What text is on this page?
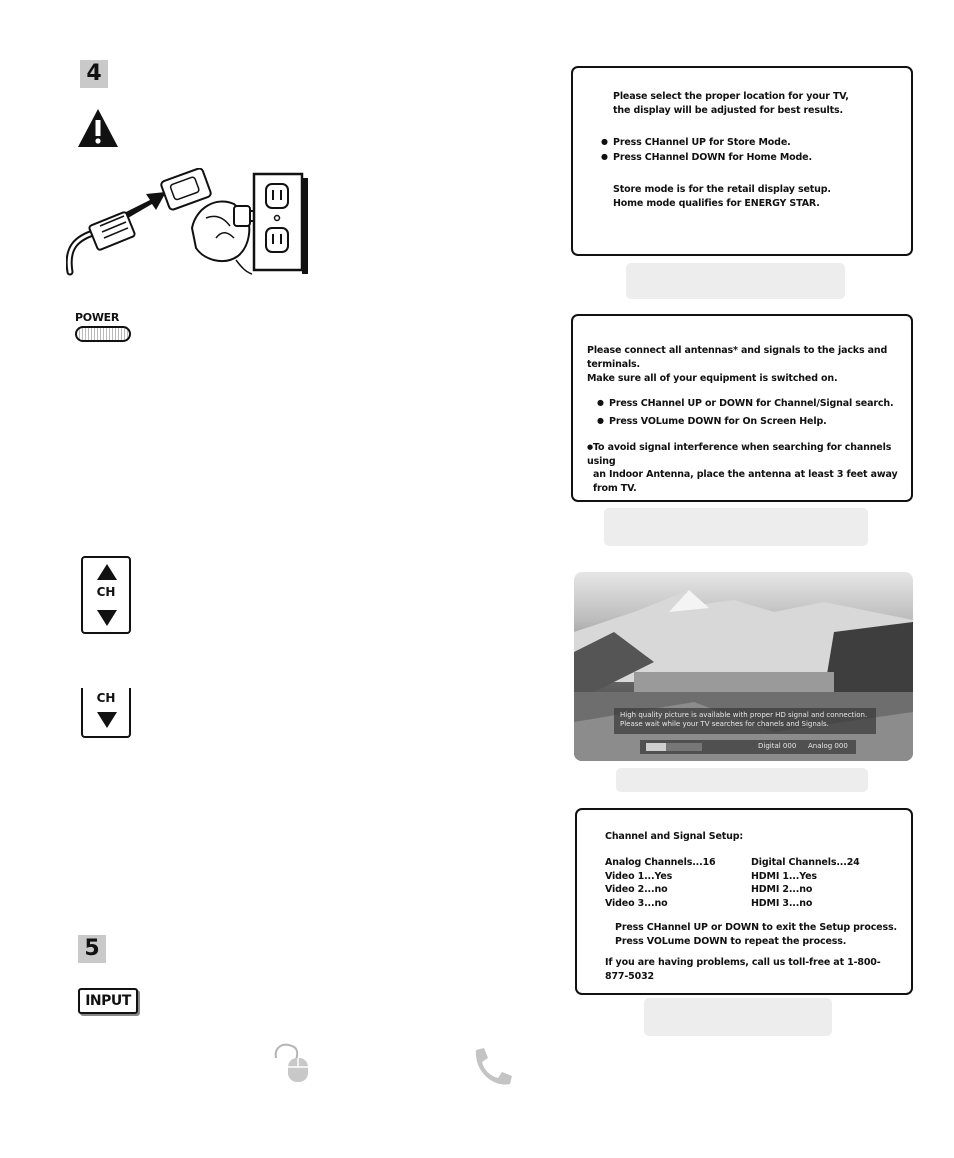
4
POWER
CH
CH
5
INPUT

Please select the proper location for your TV,

the display will be adjusted for best results.

● Press CHannel UP for Store Mode.

● Press CHannel DOWN for Home Mode.

Store mode is for the retail display setup.

Home mode qualifies for ENERGY STAR.

Please connect all antennas* and signals to the jacks and terminals.

Make sure all of your equipment is switched on.

● Press CHannel UP or DOWN for Channel/Signal search.

● Press VOLume DOWN for On Screen Help.

●To avoid signal interference when searching for channels using

an Indoor Antenna, place the antenna at least 3 feet away from TV.

High quality picture is available with proper HD signal and connection.
Please wait while your TV searches for chanels and Signals.
Digital 000 Analog 000

Channel and Signal Setup:

Analog Channels...16

Video 1...Yes

Video 2...no

Video 3...no

Digital Channels...24

HDMI 1...Yes

HDMI 2...no

HDMI 3...no

Press CHannel UP or DOWN to exit the Setup process.

Press VOLume DOWN to repeat the process.

If you are having problems, call us toll-free at 1-800-877-5032
